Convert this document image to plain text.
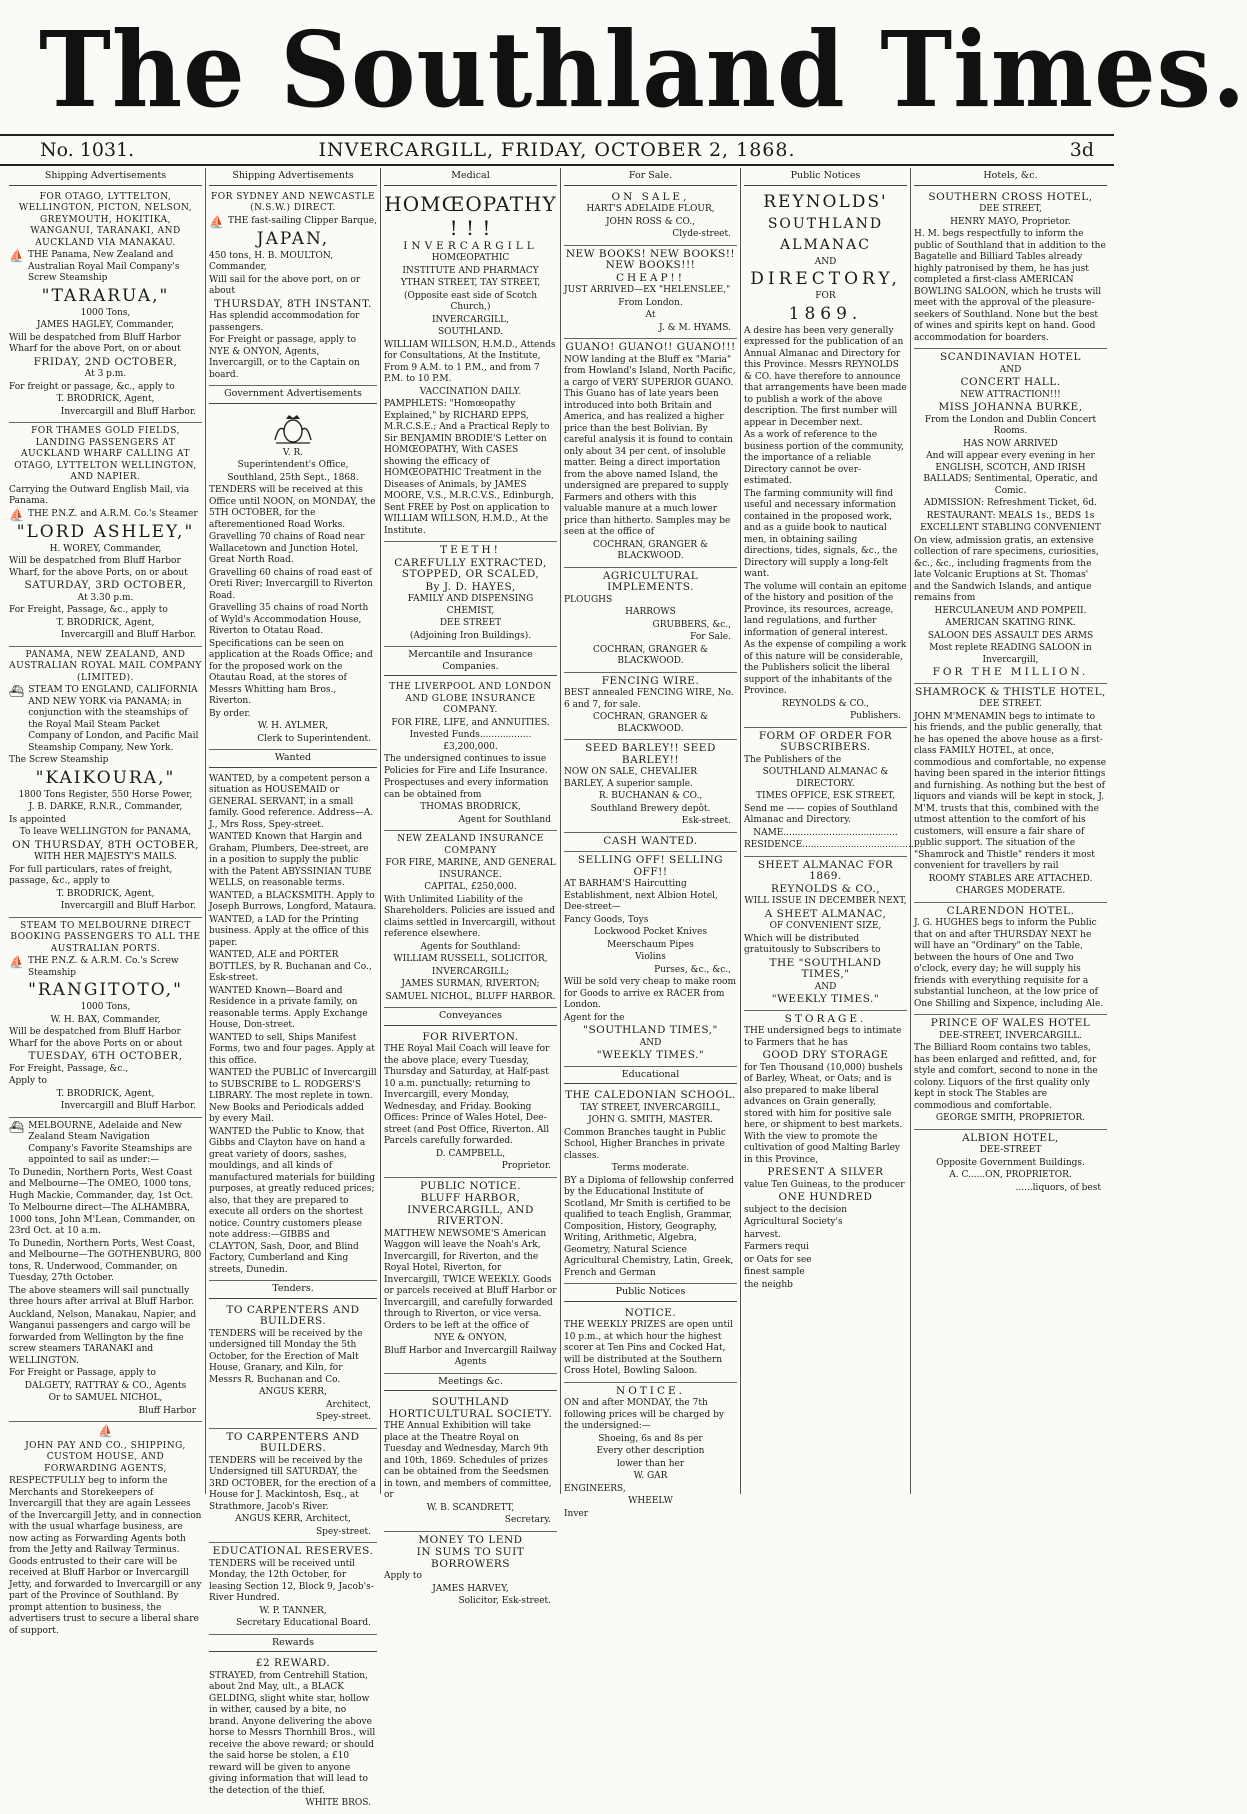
The Southland Times.
No. 1031.	INVERCARGILL, FRIDAY, OCTOBER 2, 1868.	3d
Shipping Advertisements

FOR OTAGO, LYTTELTON, WELLINGTON, PICTON, NELSON, GREYMOUTH, HOKITIKA, WANGANUI, TARANAKI, AND AUCKLAND VIA MANAKAU.

⛵ THE Panama, New Zealand and Australian Royal Mail Company's Screw Steamship

"TARARUA,"

1000 Tons,

JAMES HAGLEY, Commander,

Will be despatched from Bluff Harbor Wharf for the above Port, on or about

FRIDAY, 2ND OCTOBER,

At 3 p.m.

For freight or passage, &c., apply to

T. BRODRICK, Agent,

Invercargill and Bluff Harbor.

FOR THAMES GOLD FIELDS, LANDING PASSENGERS AT AUCKLAND WHARF CALLING AT OTAGO, LYTTELTON WELLINGTON, AND NAPIER.

Carrying the Outward English Mail, via Panama.

⛵ THE P.N.Z. and A.R.M. Co.'s Steamer

"LORD ASHLEY,"

H. WOREY, Commander,

Will be despatched from Bluff Harbor Wharf, for the above Ports, on or about

SATURDAY, 3RD OCTOBER,

At 3.30 p.m.

For Freight, Passage, &c., apply to

T. BRODRICK, Agent,

Invercargill and Bluff Harbor.

PANAMA, NEW ZEALAND, AND AUSTRALIAN ROYAL MAIL COMPANY (LIMITED).

⛴ STEAM TO ENGLAND, CALIFORNIA AND NEW YORK via PANAMA; in conjunction with the steamships of the Royal Mail Steam Packet Company of London, and Pacific Mail Steamship Company, New York.

The Screw Steamship

"KAIKOURA,"

1800 Tons Register, 550 Horse Power,

J. B. DARKE, R.N.R., Commander,

Is appointed

To leave WELLINGTON for PANAMA,

ON THURSDAY, 8TH OCTOBER,

WITH HER MAJESTY'S MAILS.

For full particulars, rates of freight, passage, &c., apply to

T. BRODRICK, Agent,

Invercargill and Bluff Harbor.

STEAM TO MELBOURNE DIRECT BOOKING PASSENGERS TO ALL THE AUSTRALIAN PORTS.

⛵ THE P.N.Z. & A.R.M. Co.'s Screw Steamship

"RANGITOTO,"

1000 Tons,

W. H. BAX, Commander,

Will be despatched from Bluff Harbor Wharf for the above Ports on or about

TUESDAY, 6TH OCTOBER,

For Freight, Passage, &c.,

Apply to

T. BRODRICK, Agent,

Invercargill and Bluff Harbor.

⛴ MELBOURNE, Adelaide and New Zealand Steam Navigation Company's Favorite Steamships are appointed to sail as under:—

To Dunedin, Northern Ports, West Coast and Melbourne—The OMEO, 1000 tons, Hugh Mackie, Commander, day, 1st Oct.

To Melbourne direct—The ALHAMBRA, 1000 tons, John M'Lean, Commander, on 23rd Oct. at 10 a.m.

To Dunedin, Northern Ports, West Coast, and Melbourne—The GOTHENBURG, 800 tons, R. Underwood, Commander, on Tuesday, 27th October.

The above steamers will sail punctually three hours after arrival at Bluff Harbor.

Auckland, Nelson, Manakau, Napier, and Wanganui passengers and cargo will be forwarded from Wellington by the fine screw steamers TARANAKI and WELLINGTON.

For Freight or Passage, apply to

DALGETY, RATTRAY & CO., Agents

Or to SAMUEL NICHOL,

Bluff Harbor

⛵

JOHN PAY AND CO., SHIPPING, CUSTOM HOUSE, AND FORWARDING AGENTS,

RESPECTFULLY beg to inform the Merchants and Storekeepers of Invercargill that they are again Lessees of the Invercargill Jetty, and in connection with the usual wharfage business, are now acting as Forwarding Agents both from the Jetty and Railway Terminus. Goods entrusted to their care will be received at Bluff Harbor or Invercargill Jetty, and forwarded to Invercargill or any part of the Province of Southland. By prompt attention to business, the advertisers trust to secure a liberal share of support.

Shipping Advertisements

FOR SYDNEY AND NEWCASTLE (N.S.W.) DIRECT.

⛵ THE fast-sailing Clipper Barque,

JAPAN,

450 tons, H. B. MOULTON, Commander,

Will sail for the above port, on or about

THURSDAY, 8TH INSTANT.

Has splendid accommodation for passengers.

For Freight or passage, apply to NYE & ONYON, Agents, Invercargill, or to the Captain on board.

Government Advertisements

V. R.

Superintendent's Office,

Southland, 25th Sept., 1868.

TENDERS will be received at this Office until NOON, on MONDAY, the 5TH OCTOBER, for the afterementioned Road Works.

Gravelling 70 chains of Road near Wallacetown and Junction Hotel, Great North Road.

Gravelling 60 chains of road east of Oreti River; Invercargill to Riverton Road.

Gravelling 35 chains of road North of Wyld's Accommodation House, Riverton to Otatau Road.

Specifications can be seen on application at the Roads Office; and for the proposed work on the Otautau Road, at the stores of Messrs Whitting ham Bros., Riverton.

By order.

W. H. AYLMER,

Clerk to Superintendent.

Wanted

WANTED, by a competent person a situation as HOUSEMAID or GENERAL SERVANT, in a small family. Good reference. Address—A. J., Mrs Ross, Spey-street.

WANTED Known that Hargin and Graham, Plumbers, Dee-street, are in a position to supply the public with the Patent ABYSSINIAN TUBE WELLS, on reasonable terms.

WANTED, a BLACKSMITH. Apply to Joseph Burrows, Longford, Mataura.

WANTED, a LAD for the Printing business. Apply at the office of this paper.

WANTED, ALE and PORTER BOTTLES, by R. Buchanan and Co., Esk-street.

WANTED Known—Board and Residence in a private family, on reasonable terms. Apply Exchange House, Don-street.

WANTED to sell, Ships Manifest Forms, two and four pages. Apply at this office.

WANTED the PUBLIC of Invercargill to SUBSCRIBE to L. RODGERS'S LIBRARY. The most replete in town. New Books and Periodicals added by every Mail.

WANTED the Public to Know, that Gibbs and Clayton have on hand a great variety of doors, sashes, mouldings, and all kinds of manufactured materials for building purposes, at greatly reduced prices; also, that they are prepared to execute all orders on the shortest notice. Country customers please note address:—GIBBS and CLAYTON, Sash, Door, and Blind Factory, Cumberland and King streets, Dunedin.

Tenders.

TO CARPENTERS AND BUILDERS.

TENDERS will be received by the undersigned till Monday the 5th October, for the Erection of Malt House, Granary, and Kiln, for Messrs R. Buchanan and Co.

ANGUS KERR,

Architect,

Spey-street.

TO CARPENTERS AND BUILDERS.

TENDERS will be received by the Undersigned till SATURDAY, the 3RD OCTOBER, for the erection of a House for J. Mackintosh, Esq., at Strathmore, Jacob's River.

ANGUS KERR, Architect,

Spey-street.

EDUCATIONAL RESERVES.

TENDERS will be received until Monday, the 12th October, for leasing Section 12, Block 9, Jacob's-River Hundred.

W. P. TANNER,

Secretary Educational Board.

Rewards

£2 REWARD.

STRAYED, from Centrehill Station, about 2nd May, ult., a BLACK GELDING, slight white star, hollow in wither, caused by a bite, no brand. Anyone delivering the above horse to Messrs Thornhill Bros., will receive the above reward; or should the said horse be stolen, a £10 reward will be given to anyone giving information that will lead to the detection of the thief.

WHITE BROS.

Medical

HOMŒOPATHY ! ! !

INVERCARGILL

HOMŒOPATHIC

INSTITUTE AND PHARMACY

YTHAN STREET, TAY STREET,

(Opposite east side of Scotch Church,)

INVERCARGILL,

SOUTHLAND.

WILLIAM WILLSON, H.M.D., Attends for Consultations, At the Institute, From 9 A.M. to 1 P.M., and from 7 P.M. to 10 P.M.

VACCINATION DAILY.

PAMPHLETS: "Homœopathy Explained," by RICHARD EPPS, M.R.C.S.E.; And a Practical Reply to Sir BENJAMIN BRODIE'S Letter on HOMŒOPATHY, With CASES showing the efficacy of HOMŒOPATHIC Treatment in the Diseases of Animals, by JAMES MOORE, V.S., M.R.C.V.S., Edinburgh, Sent FREE by Post on application to WILLIAM WILLSON, H.M.D., At the Institute.

TEETH!

CAREFULLY EXTRACTED, STOPPED, OR SCALED,

By J. D. HAYES,

FAMILY AND DISPENSING CHEMIST,

DEE STREET

(Adjoining Iron Buildings).

Mercantile and Insurance Companies.

THE LIVERPOOL AND LONDON AND GLOBE INSURANCE COMPANY.

FOR FIRE, LIFE, and ANNUITIES.

Invested Funds..................£3,200,000.

The undersigned continues to issue Policies for Fire and Life Insurance.

Prospectuses and every information can be obtained from

THOMAS BRODRICK,

Agent for Southland

NEW ZEALAND INSURANCE COMPANY

FOR FIRE, MARINE, AND GENERAL INSURANCE.

CAPITAL, £250,000.

With Unlimited Liability of the Shareholders. Policies are issued and claims settled in Invercargill, without reference elsewhere.

Agents for Southland:

WILLIAM RUSSELL, SOLICITOR,

INVERCARGILL;

JAMES SURMAN, RIVERTON;

SAMUEL NICHOL, BLUFF HARBOR.

Conveyances

FOR RIVERTON.

THE Royal Mail Coach will leave for the above place, every Tuesday, Thursday and Saturday, at Half-past 10 a.m. punctually; returning to Invercargill, every Monday, Wednesday, and Friday. Booking Offices: Prince of Wales Hotel, Dee-street (and Post Office, Riverton. All Parcels carefully forwarded.

D. CAMPBELL,

Proprietor.

PUBLIC NOTICE.

BLUFF HARBOR, INVERCARGILL, AND RIVERTON.

MATTHEW NEWSOME'S American Waggon will leave the Noah's Ark, Invercargill, for Riverton, and the Royal Hotel, Riverton, for Invercargill, TWICE WEEKLY. Goods or parcels received at Bluff Harbor or Invercargill, and carefully forwarded through to Riverton, or vice versa. Orders to be left at the office of

NYE & ONYON,

Bluff Harbor and Invercargill Railway Agents

Meetings &c.

SOUTHLAND HORTICULTURAL SOCIETY.

THE Annual Exhibition will take place at the Theatre Royal on Tuesday and Wednesday, March 9th and 10th, 1869. Schedules of prizes can be obtained from the Seedsmen in town, and members of committee, or

W. B. SCANDRETT,

Secretary.

MONEY TO LEND

IN SUMS TO SUIT BORROWERS

Apply to

JAMES HARVEY,

Solicitor, Esk-street.

For Sale.

ON SALE,

HART'S ADELAIDE FLOUR,

JOHN ROSS & CO.,

Clyde-street.

NEW BOOKS! NEW BOOKS!! NEW BOOKS!!!

CHEAP!!

JUST ARRIVED—EX "HELENSLEE,"

From London.

At

J. & M. HYAMS.

GUANO! GUANO!! GUANO!!!

NOW landing at the Bluff ex "Maria" from Howland's Island, North Pacific, a cargo of VERY SUPERIOR GUANO. This Guano has of late years been introduced into both Britain and America, and has realized a higher price than the best Bolivian. By careful analysis it is found to contain only about 34 per cent. of insoluble matter. Being a direct importation from the above named Island, the undersigned are prepared to supply Farmers and others with this valuable manure at a much lower price than hitherto. Samples may be seen at the office of

COCHRAN, GRANGER & BLACKWOOD.

AGRICULTURAL IMPLEMENTS.

PLOUGHS

HARROWS

GRUBBERS, &c.,

For Sale.

COCHRAN, GRANGER & BLACKWOOD.

FENCING WIRE.

BEST annealed FENCING WIRE, No. 6 and 7, for sale.

COCHRAN, GRANGER & BLACKWOOD.

SEED BARLEY!! SEED BARLEY!!

NOW ON SALE, CHEVALIER BARLEY, A superior sample.

R. BUCHANAN & CO.,

Southland Brewery depôt.

Esk-street.

CASH WANTED.

SELLING OFF! SELLING OFF!!

AT BARHAM'S Haircutting Establishment, next Albion Hotel, Dee-street—

Fancy Goods, Toys

Lockwood Pocket Knives

Meerschaum Pipes

Violins

Purses, &c., &c.,

Will be sold very cheap to make room for Goods to arrive ex RACER from London.

Agent for the

"SOUTHLAND TIMES,"

AND

"WEEKLY TIMES."

Educational

THE CALEDONIAN SCHOOL.

TAY STREET, INVERCARGILL,

JOHN G. SMITH, MASTER.

Common Branches taught in Public School, Higher Branches in private classes.

Terms moderate.

BY a Diploma of fellowship conferred by the Educational Institute of Scotland, Mr Smith is certified to be qualified to teach English, Grammar, Composition, History, Geography, Writing, Arithmetic, Algebra, Geometry, Natural Science Agricultural Chemistry, Latin, Greek, French and German

Public Notices

NOTICE.

THE WEEKLY PRIZES are open until 10 p.m., at which hour the highest scorer at Ten Pins and Cocked Hat, will be distributed at the Southern Cross Hotel, Bowling Saloon.

NOTICE.

ON and after MONDAY, the 7th following prices will be charged by the undersigned:—

Shoeing, 6s and 8s per

Every other description

lower than her

W. GAR

ENGINEERS,

WHEELW

Inver

Public Notices

REYNOLDS'

SOUTHLAND ALMANAC

AND

DIRECTORY,

FOR

1869.

A desire has been very generally expressed for the publication of an Annual Almanac and Directory for this Province. Messrs REYNOLDS & CO. have therefore to announce that arrangements have been made to publish a work of the above description. The first number will appear in December next.

As a work of reference to the business portion of the community, the importance of a reliable Directory cannot be over-estimated.

The farming community will find useful and necessary information contained in the proposed work, and as a guide book to nautical men, in obtaining sailing directions, tides, signals, &c., the Directory will supply a long-felt want.

The volume will contain an epitome of the history and position of the Province, its resources, acreage, land regulations, and further information of general interest.

As the expense of compiling a work of this nature will be considerable, the Publishers solicit the liberal support of the inhabitants of the Province.

REYNOLDS & CO.,

Publishers.

FORM OF ORDER FOR SUBSCRIBERS.

The Publishers of the

SOUTHLAND ALMANAC & DIRECTORY.

TIMES OFFICE, ESK STREET,

Send me —— copies of Southland Almanac and Directory.

NAME........................................

RESIDENCE..........................................

SHEET ALMANAC FOR 1869.

REYNOLDS & CO.,

WILL ISSUE IN DECEMBER NEXT,

A SHEET ALMANAC,

OF CONVENIENT SIZE,

Which will be distributed gratuitously to Subscribers to

THE "SOUTHLAND TIMES,"

AND

"WEEKLY TIMES."

STORAGE.

THE undersigned begs to intimate to Farmers that he has

GOOD DRY STORAGE

for Ten Thousand (10,000) bushels of Barley, Wheat, or Oats; and is also prepared to make liberal advances on Grain generally, stored with him for positive sale here, or shipment to best markets. With the view to promote the cultivation of good Malting Barley in this Province,

PRESENT A SILVER

value Ten Guineas, to the producer

ONE HUNDRED

subject to the decision

Agricultural Society's

harvest.

Farmers requi

or Oats for see

finest sample

the neighb

Hotels, &c.

SOUTHERN CROSS HOTEL,

DEE STREET,

HENRY MAYO, Proprietor.

H. M. begs respectfully to inform the public of Southland that in addition to the Bagatelle and Billiard Tables already highly patronised by them, he has just completed a first-class AMERICAN BOWLING SALOON, which he trusts will meet with the approval of the pleasure-seekers of Southland. None but the best of wines and spirits kept on hand. Good accommodation for boarders.

SCANDINAVIAN HOTEL

AND

CONCERT HALL.

NEW ATTRACTION!!!

MISS JOHANNA BURKE,

From the London and Dublin Concert Rooms.

HAS NOW ARRIVED

And will appear every evening in her ENGLISH, SCOTCH, AND IRISH BALLADS; Sentimental, Operatic, and Comic.

ADMISSION: Refreshment Ticket, 6d.

RESTAURANT: MEALS 1s., BEDS 1s

EXCELLENT STABLING CONVENIENT

On view, admission gratis, an extensive collection of rare specimens, curiosities, &c., &c., including fragments from the late Volcanic Eruptions at St. Thomas' and the Sandwich Islands, and antique remains from

HERCULANEUM AND POMPEII.

AMERICAN SKATING RINK.

SALOON DES ASSAULT DES ARMS

Most replete READING SALOON in Invercargill,

FOR THE MILLION.

SHAMROCK & THISTLE HOTEL,

DEE STREET.

JOHN M'MENAMIN begs to intimate to his friends, and the public generally, that he has opened the above house as a first-class FAMILY HOTEL, at once, commodious and comfortable, no expense having been spared in the interior fittings and furnishing. As nothing but the best of liquors and viands will be kept in stock, J. M'M. trusts that this, combined with the utmost attention to the comfort of his customers, will ensure a fair share of public support. The situation of the "Shamrock and Thistle" renders it most convenient for travellers by rail

ROOMY STABLES ARE ATTACHED.

CHARGES MODERATE.

CLARENDON HOTEL.

J. G. HUGHES begs to inform the Public that on and after THURSDAY NEXT he will have an "Ordinary" on the Table, between the hours of One and Two o'clock, every day; he will supply his friends with everything requisite for a substantial luncheon, at the low price of One Shilling and Sixpence, including Ale.

PRINCE OF WALES HOTEL

DEE-STREET, INVERCARGILL.

The Billiard Room contains two tables, has been enlarged and refitted, and, for style and comfort, second to none in the colony. Liquors of the first quality only kept in stock The Stables are commodious and comfortable.

GEORGE SMITH, PROPRIETOR.

ALBION HOTEL,

DEE-STREET

Opposite Government Buildings.

A. C......ON, PROPRIETOR.

......liquors, of best
